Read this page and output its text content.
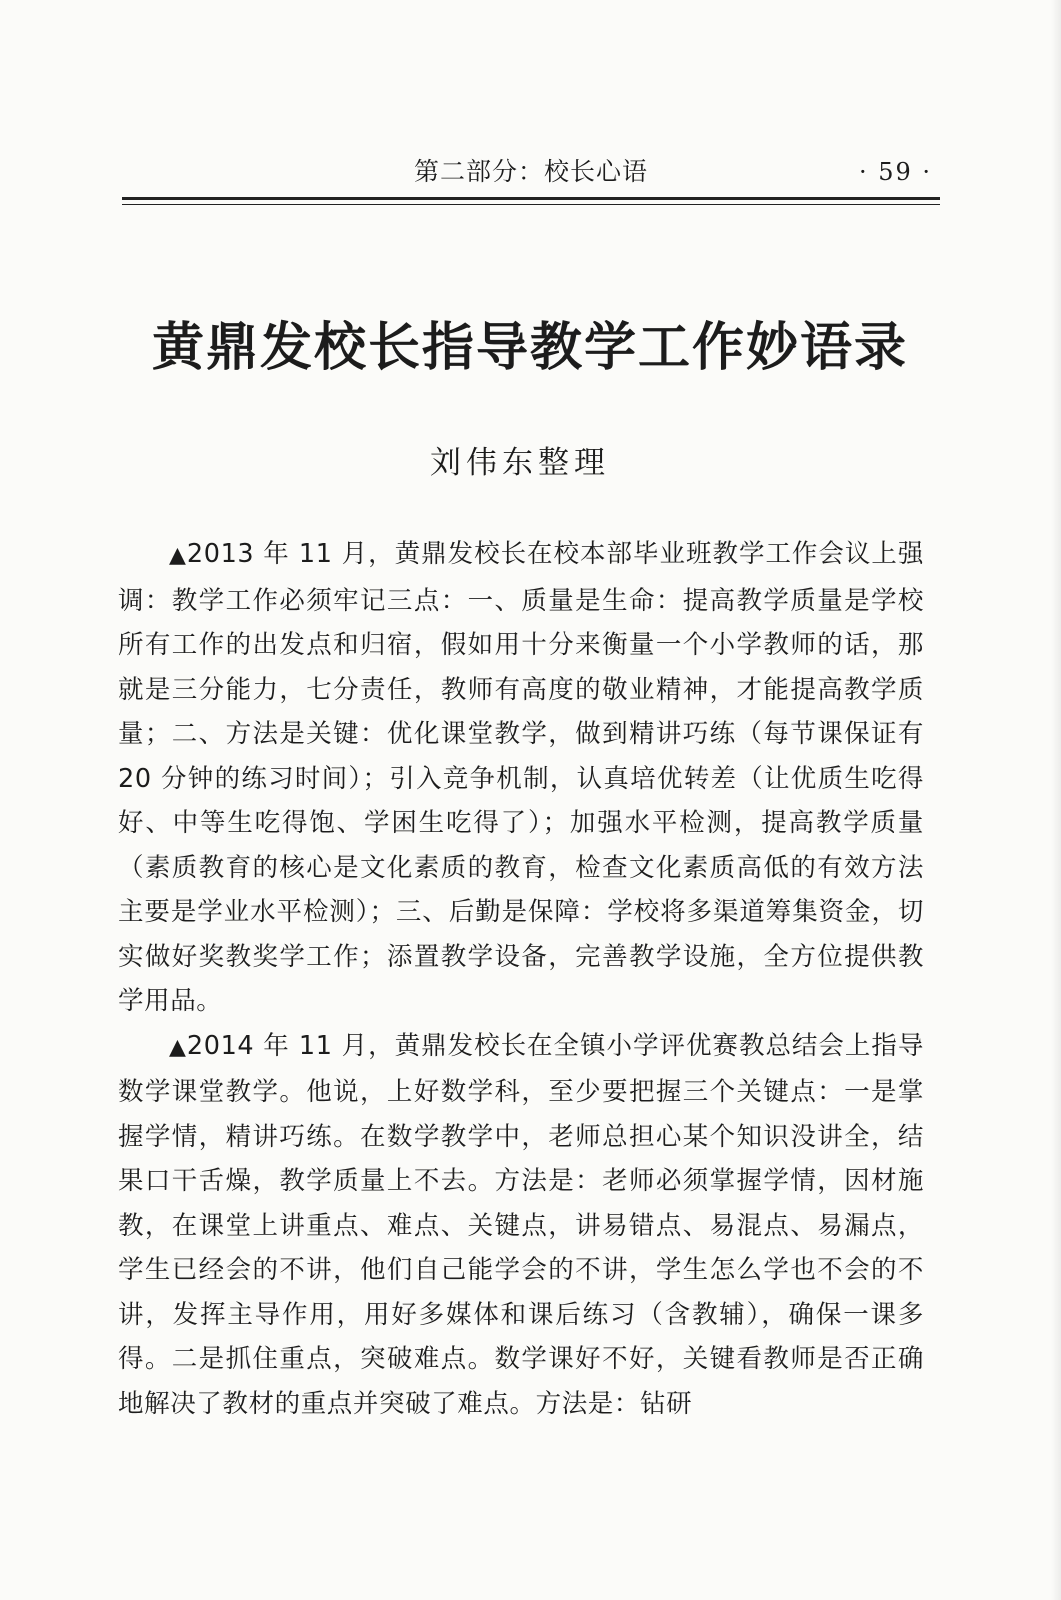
第二部分：校长心语	· 59 ·
黄鼎发校长指导教学工作妙语录
刘伟东整理

▲2013 年 11 月，黄鼎发校长在校本部毕业班教学工作会议上强调：教学工作必须牢记三点：一、质量是生命：提高教学质量是学校所有工作的出发点和归宿，假如用十分来衡量一个小学教师的话，那就是三分能力，七分责任，教师有高度的敬业精神，才能提高教学质量；二、方法是关键：优化课堂教学，做到精讲巧练（每节课保证有 20 分钟的练习时间）；引入竞争机制，认真培优转差（让优质生吃得好、中等生吃得饱、学困生吃得了）；加强水平检测，提高教学质量（素质教育的核心是文化素质的教育，检查文化素质高低的有效方法主要是学业水平检测）；三、后勤是保障：学校将多渠道筹集资金，切实做好奖教奖学工作；添置教学设备，完善教学设施，全方位提供教学用品。

▲2014 年 11 月，黄鼎发校长在全镇小学评优赛教总结会上指导数学课堂教学。他说，上好数学科，至少要把握三个关键点：一是掌握学情，精讲巧练。在数学教学中，老师总担心某个知识没讲全，结果口干舌燥，教学质量上不去。方法是：老师必须掌握学情，因材施教，在课堂上讲重点、难点、关键点，讲易错点、易混点、易漏点，学生已经会的不讲，他们自己能学会的不讲，学生怎么学也不会的不讲，发挥主导作用，用好多媒体和课后练习（含教辅），确保一课多得。二是抓住重点，突破难点。数学课好不好，关键看教师是否正确地解决了教材的重点并突破了难点。方法是：钻研
